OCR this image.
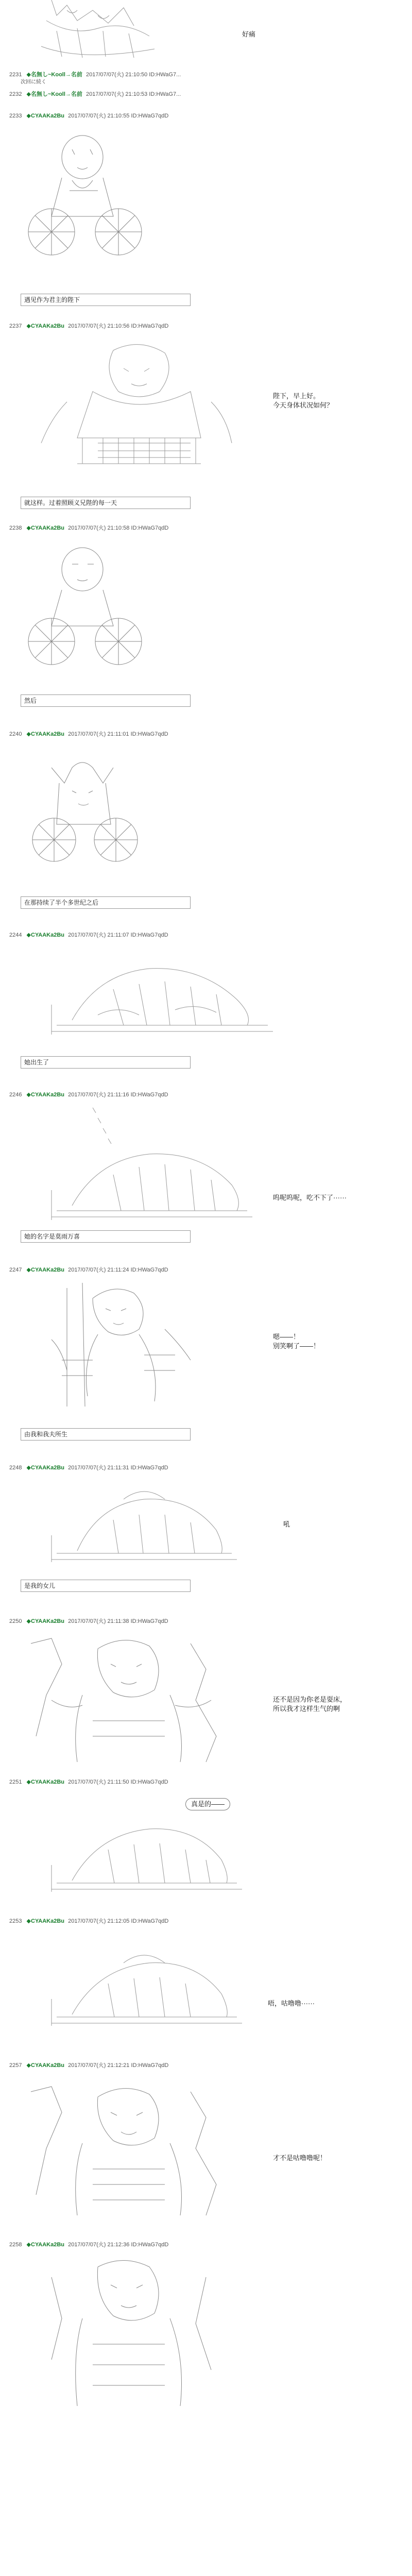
好痛
2231 ◆名無し~Kooll→名前 2017/07/07(火) 21:10:50 ID:HWaG7...
次回に続く
2232 ◆名無し~Kooll→名前 2017/07/07(火) 21:10:53 ID:HWaG7...
2233 ◆CYAAKa2Bu 2017/07/07(火) 21:10:55 ID:HWaG7qdD
遇见作为君主的陛下
2237 ◆CYAAKa2Bu 2017/07/07(火) 21:10:56 ID:HWaG7qdD
陛下，早上好。
今天身体状况如何？
就这样。过着照顾义兄陛的每一天
2238 ◆CYAAKa2Bu 2017/07/07(火) 21:10:58 ID:HWaG7qdD
然后
2240 ◆CYAAKa2Bu 2017/07/07(火) 21:11:01 ID:HWaG7qdD
在那持续了半个多世纪之后
2244 ◆CYAAKa2Bu 2017/07/07(火) 21:11:07 ID:HWaG7qdD
她出生了
2246 ◆CYAAKa2Bu 2017/07/07(火) 21:11:16 ID:HWaG7qdD
呜呢呜呢，吃不下了······
她的名字是莫雨万喜
2247 ◆CYAAKa2Bu 2017/07/07(火) 21:11:24 ID:HWaG7qdD
嗯——！
别笑啊了——！
由我和我夫所生
2248 ◆CYAAKa2Bu 2017/07/07(火) 21:11:31 ID:HWaG7qdD
吼
是我的女儿
2250 ◆CYAAKa2Bu 2017/07/07(火) 21:11:38 ID:HWaG7qdD
还不是因为你老是耍床，
所以我才这样生气的啊
2251 ◆CYAAKa2Bu 2017/07/07(火) 21:11:50 ID:HWaG7qdD
真是的——
2253 ◆CYAAKa2Bu 2017/07/07(火) 21:12:05 ID:HWaG7qdD
唔，咕噜噜······
2257 ◆CYAAKa2Bu 2017/07/07(火) 21:12:21 ID:HWaG7qdD
才不是咕噜噜呢！
2258 ◆CYAAKa2Bu 2017/07/07(火) 21:12:36 ID:HWaG7qdD
